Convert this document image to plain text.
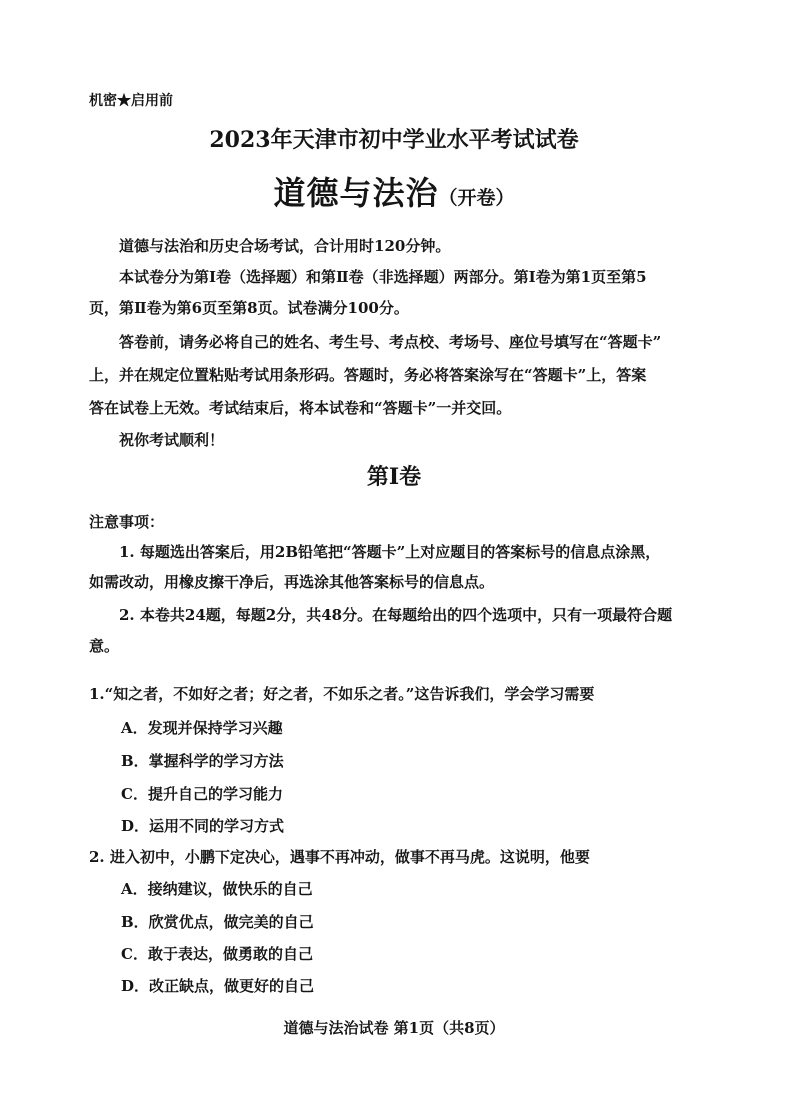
机密★启用前
2023年天津市初中学业水平考试试卷
道德与法治（开卷）
道德与法治和历史合场考试，合计用时120分钟。
本试卷分为第Ⅰ卷（选择题）和第Ⅱ卷（非选择题）两部分。第Ⅰ卷为第1页至第5
页，第Ⅱ卷为第6页至第8页。试卷满分100分。
答卷前，请务必将自己的姓名、考生号、考点校、考场号、座位号填写在“答题卡”
上，并在规定位置粘贴考试用条形码。答题时，务必将答案涂写在“答题卡”上，答案
答在试卷上无效。考试结束后，将本试卷和“答题卡”一并交回。
祝你考试顺利！
第Ⅰ卷
注意事项：
1. 每题选出答案后，用2B铅笔把“答题卡”上对应题目的答案标号的信息点涂黑，
如需改动，用橡皮擦干净后，再选涂其他答案标号的信息点。
2. 本卷共24题，每题2分，共48分。在每题给出的四个选项中，只有一项最符合题
意。
1.“知之者，不如好之者；好之者，不如乐之者。”这告诉我们，学会学习需要
A．发现并保持学习兴趣
B．掌握科学的学习方法
C．提升自己的学习能力
D．运用不同的学习方式
2. 进入初中，小鹏下定决心，遇事不再冲动，做事不再马虎。这说明，他要
A．接纳建议，做快乐的自己
B．欣赏优点，做完美的自己
C．敢于表达，做勇敢的自己
D．改正缺点，做更好的自己
道德与法治试卷 第1页（共8页）
